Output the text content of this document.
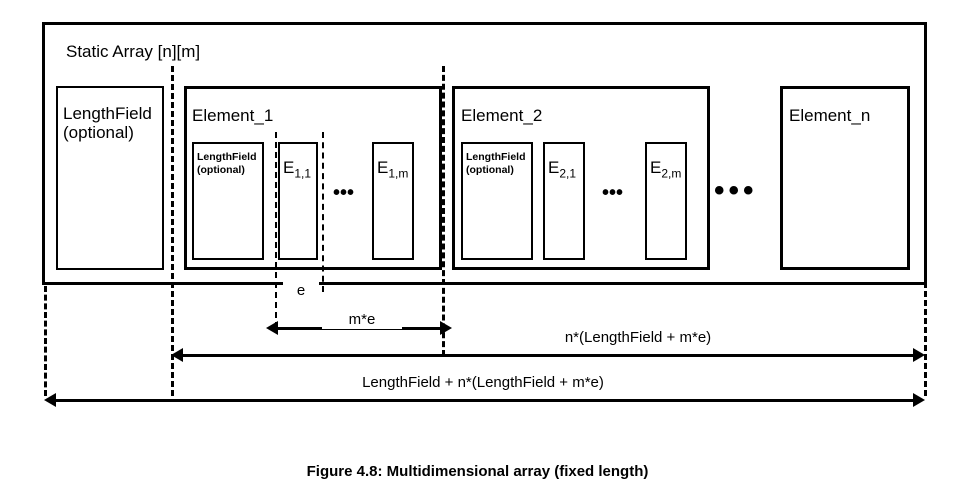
Static Array [n][m]
LengthField
(optional)
Element_1
LengthField
(optional) $E_{1,1}$
•••
$E_{1,m}$
Element_2
LengthField
(optional) $E_{2,1}$
•••
$E_{2,m}$
•••
Element_n
e
m*e
n*(LengthField + m*e)
LengthField + n*(LengthField + m*e)
Figure 4.8: Multidimensional array (fixed length)
